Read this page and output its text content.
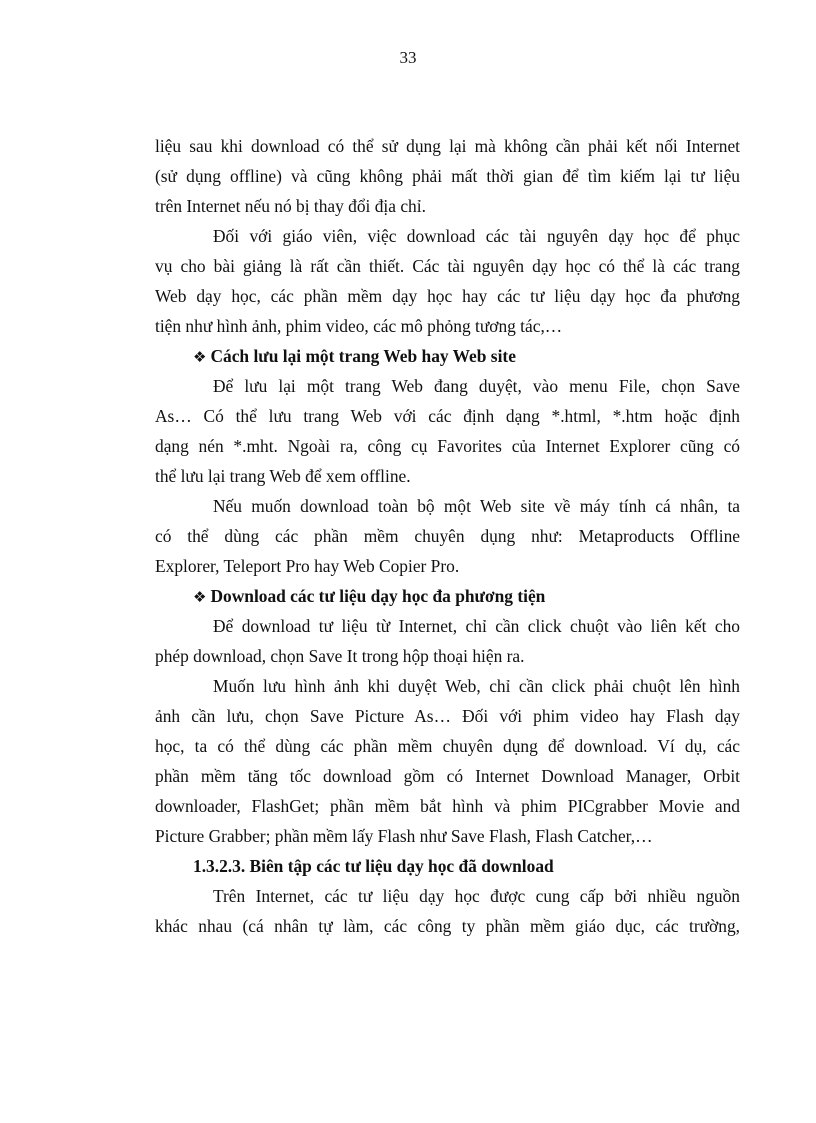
33
liệu sau khi download có thể sử dụng lại mà không cần phải kết nối Internet
(sử dụng offline) và cũng không phải mất thời gian để tìm kiếm lại tư liệu
trên Internet nếu nó bị thay đổi địa chỉ.
Đối với giáo viên, việc download các tài nguyên dạy học để phục
vụ cho bài giảng là rất cần thiết. Các tài nguyên dạy học có thể là các trang
Web dạy học, các phần mềm dạy học hay các tư liệu dạy học đa phương
tiện như hình ảnh, phim video, các mô phỏng tương tác,…
❖ Cách lưu lại một trang Web hay Web site
Để lưu lại một trang Web đang duyệt, vào menu File, chọn Save
As… Có thể lưu trang Web với các định dạng *.html, *.htm hoặc định
dạng nén *.mht. Ngoài ra, công cụ Favorites của Internet Explorer cũng có
thể lưu lại trang Web để xem offline.
Nếu muốn download toàn bộ một Web site về máy tính cá nhân, ta
có thể dùng các phần mềm chuyên dụng như: Metaproducts Offline
Explorer, Teleport Pro hay Web Copier Pro.
❖ Download các tư liệu dạy học đa phương tiện
Để download tư liệu từ Internet, chỉ cần click chuột vào liên kết cho
phép download, chọn Save It trong hộp thoại hiện ra.
Muốn lưu hình ảnh khi duyệt Web, chỉ cần click phải chuột lên hình
ảnh cần lưu, chọn Save Picture As… Đối với phim video hay Flash dạy
học, ta có thể dùng các phần mềm chuyên dụng để download. Ví dụ, các
phần mềm tăng tốc download gồm có Internet Download Manager, Orbit
downloader, FlashGet; phần mềm bắt hình và phim PICgrabber Movie and
Picture Grabber; phần mềm lấy Flash như Save Flash, Flash Catcher,…
1.3.2.3. Biên tập các tư liệu dạy học đã download
Trên Internet, các tư liệu dạy học được cung cấp bởi nhiều nguồn
khác nhau (cá nhân tự làm, các công ty phần mềm giáo dục, các trường,
